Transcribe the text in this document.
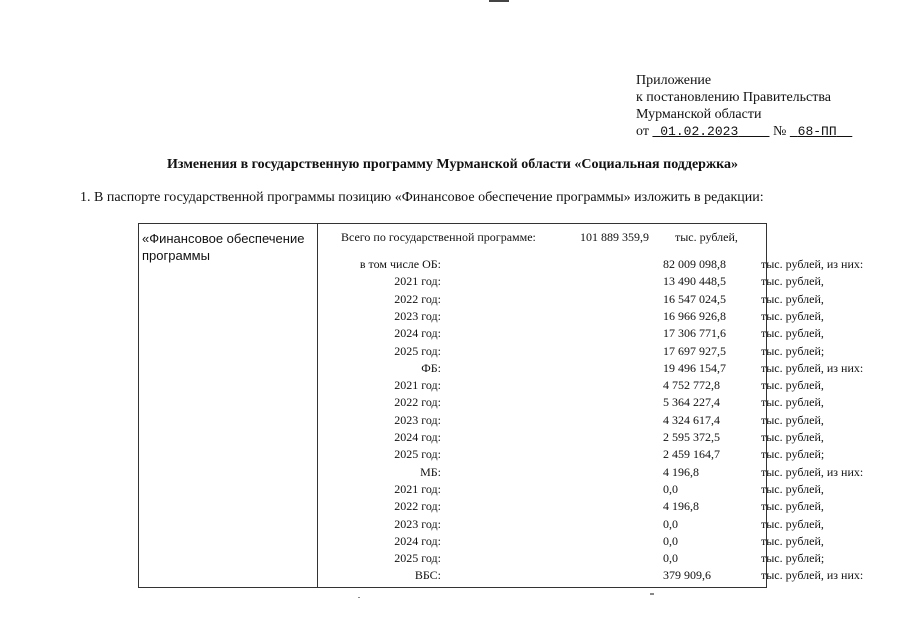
Приложение
к постановлению Правительства
Мурманской области
от 01.02.2023 № 68-ПП
Изменения в государственную программу Мурманской области «Социальная поддержка»
1. В паспорте государственной программы позицию «Финансовое обеспечение программы» изложить в редакции:
«Финансовое обеспечение программы
Всего по государственной программе:	101 889 359,9 тыс. рублей,
в том числе ОБ:	82 009 098,8	тыс. рублей, из них:
2021 год:	13 490 448,5	тыс. рублей,
2022 год:	16 547 024,5	тыс. рублей,
2023 год:	16 966 926,8	тыс. рублей,
2024 год:	17 306 771,6	тыс. рублей,
2025 год:	17 697 927,5	тыс. рублей;
ФБ:	19 496 154,7	тыс. рублей, из них:
2021 год:	4 752 772,8	тыс. рублей,
2022 год:	5 364 227,4	тыс. рублей,
2023 год:	4 324 617,4	тыс. рублей,
2024 год:	2 595 372,5	тыс. рублей,
2025 год:	2 459 164,7	тыс. рублей;
МБ:	4 196,8	тыс. рублей, из них:
2021 год:	0,0	тыс. рублей,
2022 год:	4 196,8	тыс. рублей,
2023 год:	0,0	тыс. рублей,
2024 год:	0,0	тыс. рублей,
2025 год:	0,0	тыс. рублей;
ВБС:	379 909,6	тыс. рублей, из них:
